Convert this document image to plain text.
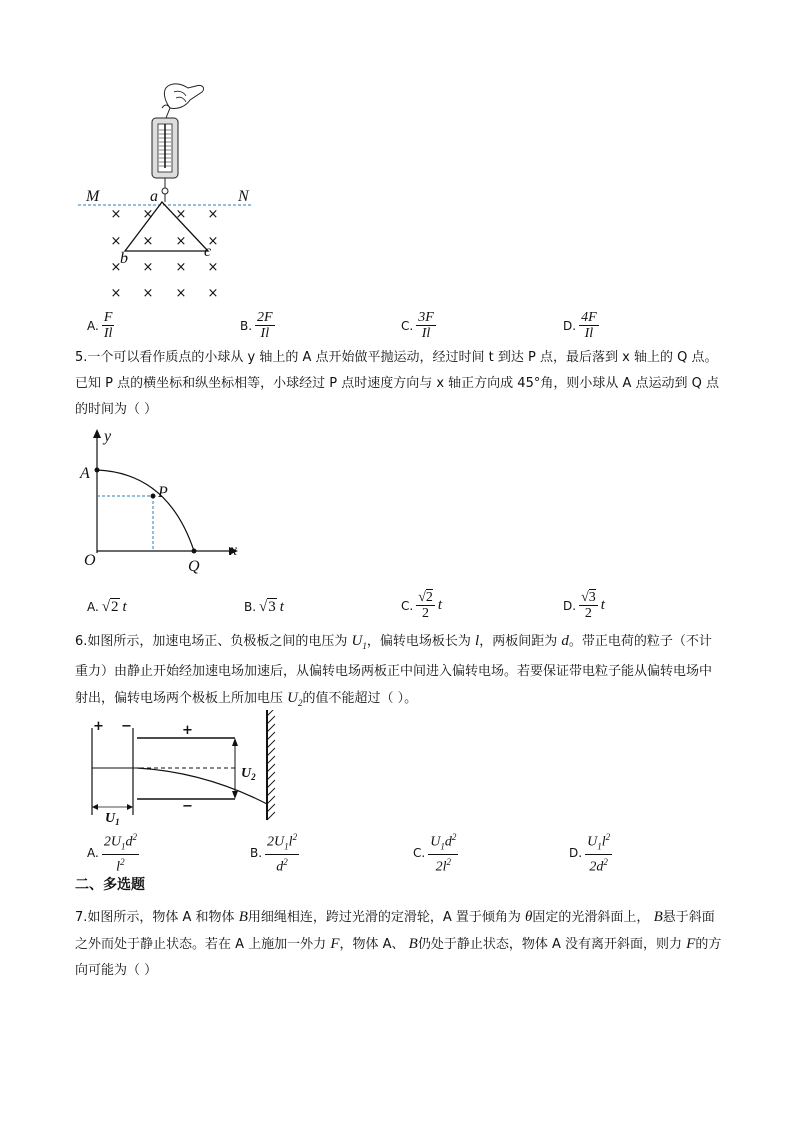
× × × ×
× × × ×
× × × ×
× × × ×
M	N
a
b	c
A. $\frac{F}{Il}$	B. $\frac{2F}{Il}$	C. $\frac{3F}{Il}$	D. $\frac{4F}{Il}$
5.一个可以看作质点的小球从 y 轴上的 A 点开始做平抛运动，经过时间 t 到达 P 点，最后落到 x 轴上的 Q 点。已知 P 点的横坐标和纵坐标相等，小球经过 P 点时速度方向与 x 轴正方向成 45°角，则小球从 A 点运动到 Q 点的时间为（ ）
y
x
A
P
O	Q
A. √ 2 t	B. √ 3 t	C. $\frac{√2}{2}$ t	D. $\frac{√3}{2}$ t
6.如图所示，加速电场正、负极板之间的电压为 $U_1$，偏转电场板长为 l，两板间距为 d。带正电荷的粒子（不计重力）由静止开始经加速电场加速后，从偏转电场两板正中间进入偏转电场。若要保证带电粒子能从偏转电场中射出，偏转电场两个极板上所加电压 $U_2$的值不能超过（ ）。
+ −	+
−
$U_2$
$U_1$
A. $\frac{2U_1d^2}{l^2}$	B. $\frac{2U_1l^2}{d^2}$	C. $\frac{U_1d^2}{2l^2}$	D. $\frac{U_1l^2}{2d^2}$
二、多选题
7.如图所示，物体 A 和物体 B用细绳相连，跨过光滑的定滑轮，A 置于倾角为 θ固定的光滑斜面上， B悬于斜面之外而处于静止状态。若在 A 上施加一外力 F，物体 A、 B仍处于静止状态，物体 A 没有离开斜面，则力 F的方向可能为（ ）
